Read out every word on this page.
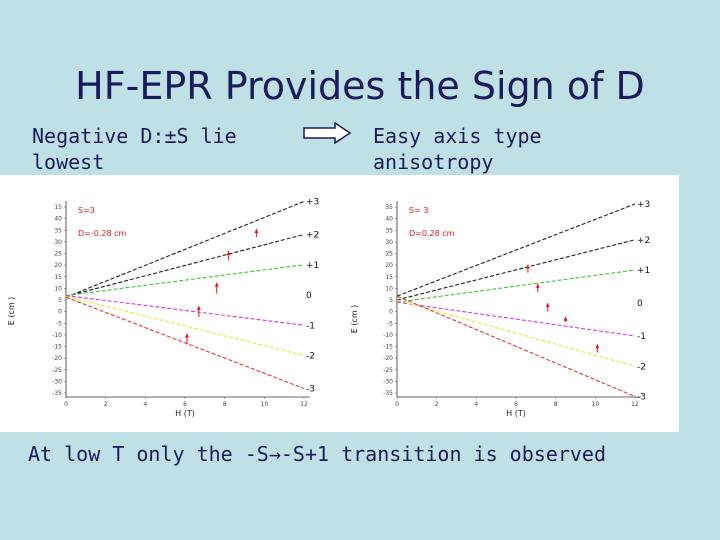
HF-EPR Provides the Sign of D
Negative D:±S lie lowest
Easy axis type anisotropy
15
40
35
30
25
20
15
10
5
0
-5
-10
-15
-20
-25
-30
-35
0	2	4	6	8	10	12
H (T)
E (cm )
S=3
D=-0.28 cm
+3
+2
+1
0
-1
-2
-3
35
40
35
30
25
20
15
10
5
0
-5
-10
-15
-20
-25
-30
-35
0	2	4	6	8	10	12
H (T)
E (cm )
S= 3
D=0.28 cm
+3
+2
+1
0
-1
-2
-3
At low T only the -S→-S+1 transition is observed
